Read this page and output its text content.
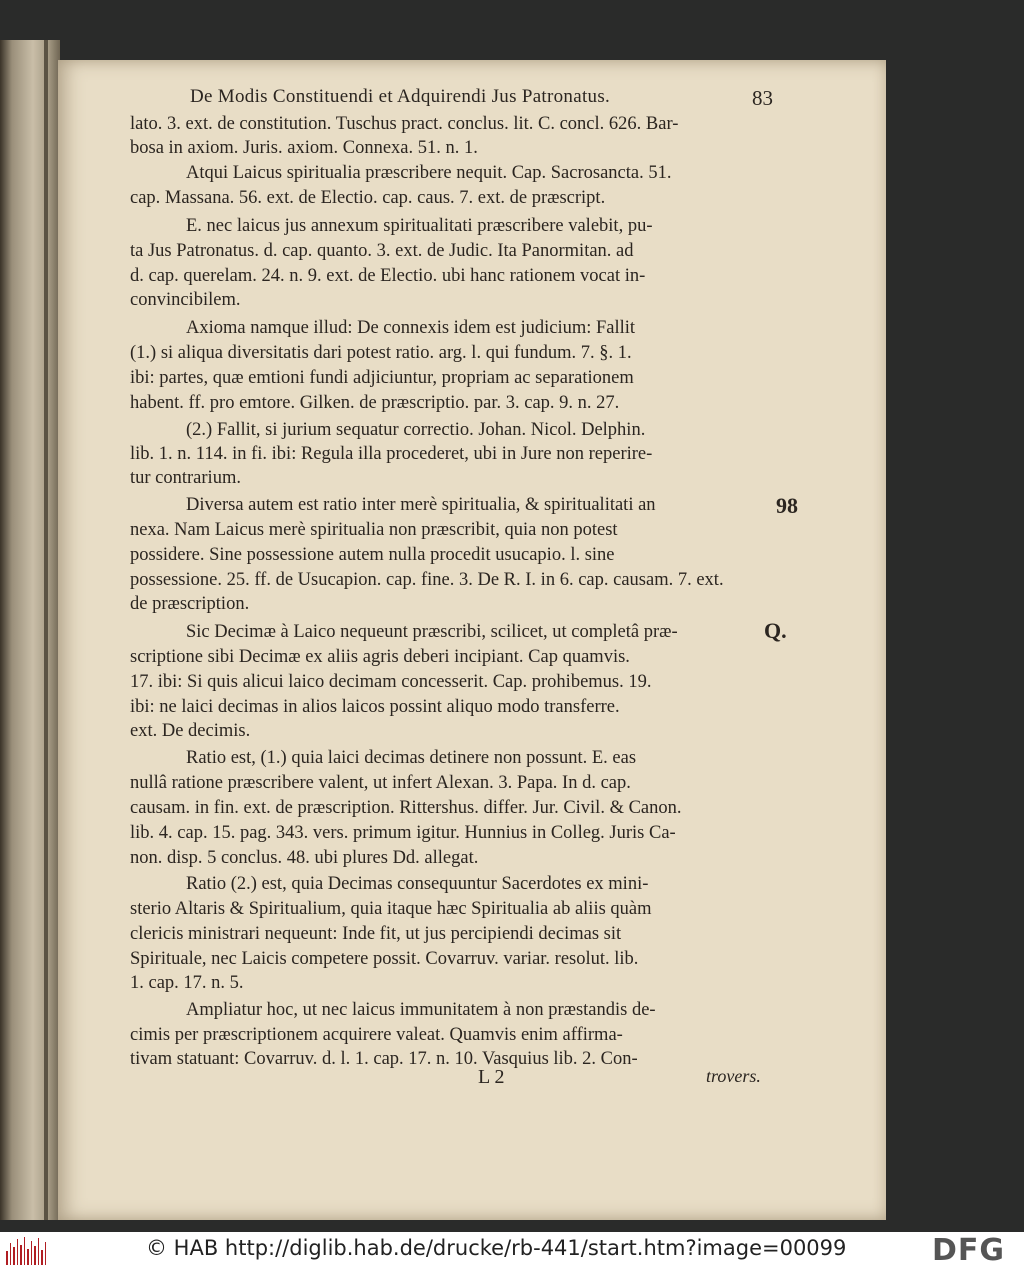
De Modis Constituendi et Adquirendi Jus Patronatus.	83
lato. 3. ext. de constitution. Tuschus pract. conclus. lit. C. concl. 626. Bar-
bosa in axiom. Juris. axiom. Connexa. 51. n. 1.
Atqui Laicus spiritualia præscribere nequit. Cap. Sacrosancta. 51.
cap. Massana. 56. ext. de Electio. cap. caus. 7. ext. de præscript.
E. nec laicus jus annexum spiritualitati præscribere valebit, pu-
ta Jus Patronatus. d. cap. quanto. 3. ext. de Judic. Ita Panormitan. ad
d. cap. querelam. 24. n. 9. ext. de Electio. ubi hanc rationem vocat in-
convincibilem.
Axioma namque illud: De connexis idem est judicium: Fallit
(1.) si aliqua diversitatis dari potest ratio. arg. l. qui fundum. 7. §. 1.
ibi: partes, quæ emtioni fundi adjiciuntur, propriam ac separationem
habent. ff. pro emtore. Gilken. de præscriptio. par. 3. cap. 9. n. 27.
(2.) Fallit, si jurium sequatur correctio. Johan. Nicol. Delphin.
lib. 1. n. 114. in fi. ibi: Regula illa procederet, ubi in Jure non reperire-
tur contrarium.
Diversa autem est ratio inter merè spiritualia, & spiritualitati an
nexa. Nam Laicus merè spiritualia non præscribit, quia non potest
possidere. Sine possessione autem nulla procedit usucapio. l. sine
possessione. 25. ff. de Usucapion. cap. fine. 3. De R. I. in 6. cap. causam. 7. ext.
de præscription.
Sic Decimæ à Laico nequeunt præscribi, scilicet, ut completâ præ-
scriptione sibi Decimæ ex aliis agris deberi incipiant. Cap quamvis.
17. ibi: Si quis alicui laico decimam concesserit. Cap. prohibemus. 19.
ibi: ne laici decimas in alios laicos possint aliquo modo transferre.
ext. De decimis.
Ratio est, (1.) quia laici decimas detinere non possunt. E. eas
nullâ ratione præscribere valent, ut infert Alexan. 3. Papa. In d. cap.
causam. in fin. ext. de præscription. Rittershus. differ. Jur. Civil. & Canon.
lib. 4. cap. 15. pag. 343. vers. primum igitur. Hunnius in Colleg. Juris Ca-
non. disp. 5 conclus. 48. ubi plures Dd. allegat.
Ratio (2.) est, quia Decimas consequuntur Sacerdotes ex mini-
sterio Altaris & Spiritualium, quia itaque hæc Spiritualia ab aliis quàm
clericis ministrari nequeunt: Inde fit, ut jus percipiendi decimas sit
Spirituale, nec Laicis competere possit. Covarruv. variar. resolut. lib.
1. cap. 17. n. 5.
Ampliatur hoc, ut nec laicus immunitatem à non præstandis de-
cimis per præscriptionem acquirere valeat. Quamvis enim affirma-
tivam statuant: Covarruv. d. l. 1. cap. 17. n. 10. Vasquius lib. 2. Con-
98
Q.
L 2	trovers.
© HAB http://diglib.hab.de/drucke/rb-441/start.htm?image=00099	DFG
